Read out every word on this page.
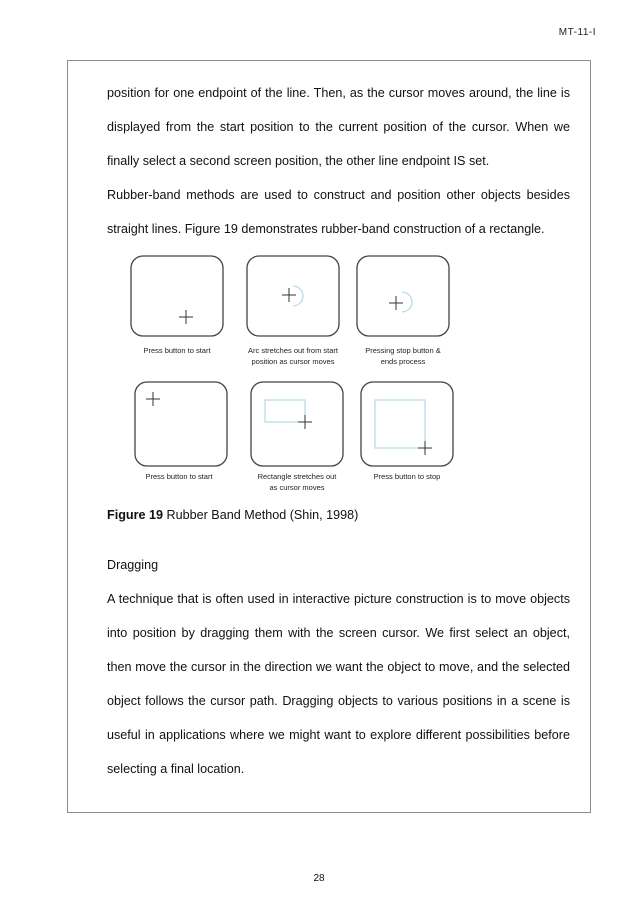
MT-11-I

position for one endpoint of the line. Then, as the cursor moves around, the line is displayed from the start position to the current position of the cursor. When we finally select a second screen position, the other line endpoint IS set.

Rubber-band methods are used to construct and position other objects besides straight lines. Figure 19 demonstrates rubber-band construction of a rectangle.

Press button to start	Arc stretches out from start
position as cursor moves
Pressing stop button &
ends process
Press button to start	Rectangle stretches out
as cursor moves
Press button to stop
Figure 19 Rubber Band Method (Shin, 1998)
Dragging

A technique that is often used in interactive picture construction is to move objects into position by dragging them with the screen cursor. We first select an object, then move the cursor in the direction we want the object to move, and the selected object follows the cursor path. Dragging objects to various positions in a scene is useful in applications where we might want to explore different possibilities before selecting a final location.

28
